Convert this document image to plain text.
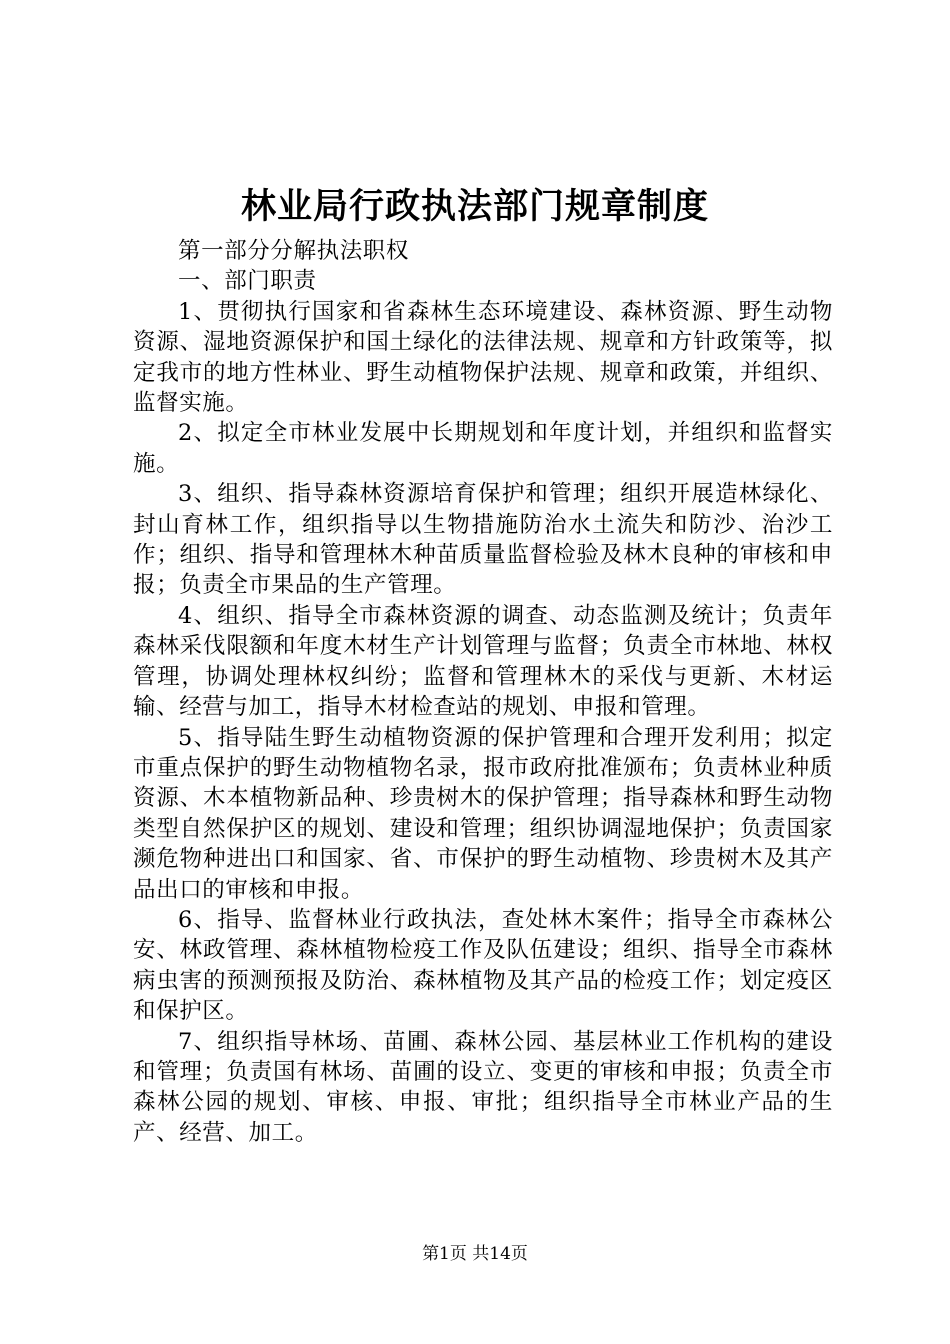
林业局行政执法部门规章制度

第一部分分解执法职权

一、部门职责

1、贯彻执行国家和省森林生态环境建设、森林资源、野生动物资源、湿地资源保护和国土绿化的法律法规、规章和方针政策等，拟定我市的地方性林业、野生动植物保护法规、规章和政策，并组织、监督实施。

2、拟定全市林业发展中长期规划和年度计划，并组织和监督实施。

3、组织、指导森林资源培育保护和管理；组织开展造林绿化、封山育林工作，组织指导以生物措施防治水土流失和防沙、治沙工作；组织、指导和管理林木种苗质量监督检验及林木良种的审核和申报；负责全市果品的生产管理。

4、组织、指导全市森林资源的调查、动态监测及统计；负责年森林采伐限额和年度木材生产计划管理与监督；负责全市林地、林权管理，协调处理林权纠纷；监督和管理林木的采伐与更新、木材运输、经营与加工，指导木材检查站的规划、申报和管理。

5、指导陆生野生动植物资源的保护管理和合理开发利用；拟定市重点保护的野生动物植物名录，报市政府批准颁布；负责林业种质资源、木本植物新品种、珍贵树木的保护管理；指导森林和野生动物类型自然保护区的规划、建设和管理；组织协调湿地保护；负责国家濒危物种进出口和国家、省、市保护的野生动植物、珍贵树木及其产品出口的审核和申报。

6、指导、监督林业行政执法，查处林木案件；指导全市森林公安、林政管理、森林植物检疫工作及队伍建设；组织、指导全市森林病虫害的预测预报及防治、森林植物及其产品的检疫工作；划定疫区和保护区。

7、组织指导林场、苗圃、森林公园、基层林业工作机构的建设和管理；负责国有林场、苗圃的设立、变更的审核和申报；负责全市森林公园的规划、审核、申报、审批；组织指导全市林业产品的生产、经营、加工。

第1页 共14页
